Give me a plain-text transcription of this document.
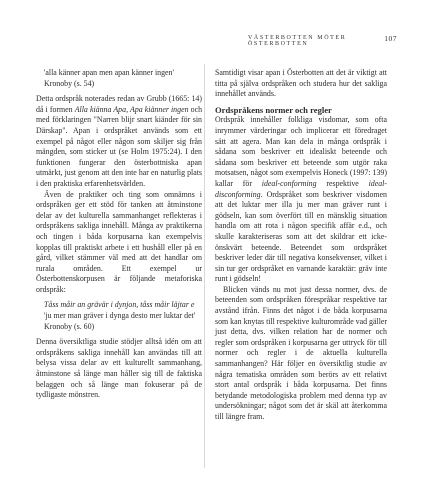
VÄSTERBOTTEN MÖTER ÖSTERBOTTEN
107

'alla känner apan men apan känner ingen'

Kronoby (s. 54)

Detta ordspråk noterades redan av Grubb (1665: 14) då i formen Alla kiänna Apa, Apa kiänner ingen och med förklaringen "Narren blijr snart kiänder för sin Därskap". Apan i ordspråket används som ett exempel på något eller någon som skiljer sig från mängden, som sticker ut (se Holm 1975:24). I den funktionen fungerar den österbottniska apan utmärkt, just genom att den inte har en naturlig plats i den praktiska erfarenhetsvärlden.

Även de praktiker och ting som omnämns i ordspråken ger ett stöd för tanken att åtminstone delar av det kulturella sammanhanget reflekteras i ordspråkens sakliga innehåll. Många av praktikerna och tingen i båda korpusarna kan exempelvis kopplas till praktiskt arbete i ett hushåll eller på en gård, vilket stämmer väl med att det handlar om rurala områden. Ett exempel ur Österbottenskorpusen är följande metaforiska ordspråk:

Tåss måir an grävär i dynjon, tåss måir läjtar e

'ju mer man gräver i dynga desto mer luktar det'

Kronoby (s. 60)

Denna översiktliga studie stödjer alltså idén om att ordspråkens sakliga innehåll kan användas till att belysa vissa delar av ett kulturellt sammanhang, åtminstone så länge man håller sig till de faktiska belaggen och så länge man fokuserar på de tydligaste mönstren.

Samtidigt visar apan i Österbotten att det är viktigt att titta på själva ordspråken och studera hur det sakliga innehållet används.

Ordspråkens normer och regler

Ordspråk innehåller folkliga visdomar, som ofta inrymmer värderingar och implicerar ett föredraget sätt att agera. Man kan dela in många ordspråk i sådana som beskriver ett idealiskt beteende och sådana som beskriver ett beteende som utgör raka motsatsen, något som exempelvis Honeck (1997: 139) kallar för ideal-conforming respektive ideal-disconforming. Ordspråket som beskriver visdomen att det luktar mer illa ju mer man gräver runt i gödseln, kan som överfört till en mänsklig situation handla om att rota i någon specifik affär e.d., och skulle karakteriseras som att det skildrar ett icke-önskvärt beteende. Beteendet som ordspråket beskriver leder där till negativa konsekvenser, vilket i sin tur ger ordspråket en varnande karaktär: gräv inte runt i gödseln!

Blicken vänds nu mot just dessa normer, dvs. de beteenden som ordspråken förespråkar respektive tar avstånd ifrån. Finns det något i de båda korpusarna som kan knytas till respektive kulturområde vad gäller just detta, dvs. vilken relation har de normer och regler som ordspråken i korpusarna ger uttryck för till normer och regler i de aktuella kulturella sammanhangen? Här följer en översiktlig studie av några tematiska områden som berörs av ett relativt stort antal ordspråk i båda korpusarna. Det finns betydande metodologiska problem med denna typ av undersökningar; något som det är skäl att återkomma till längre fram.
